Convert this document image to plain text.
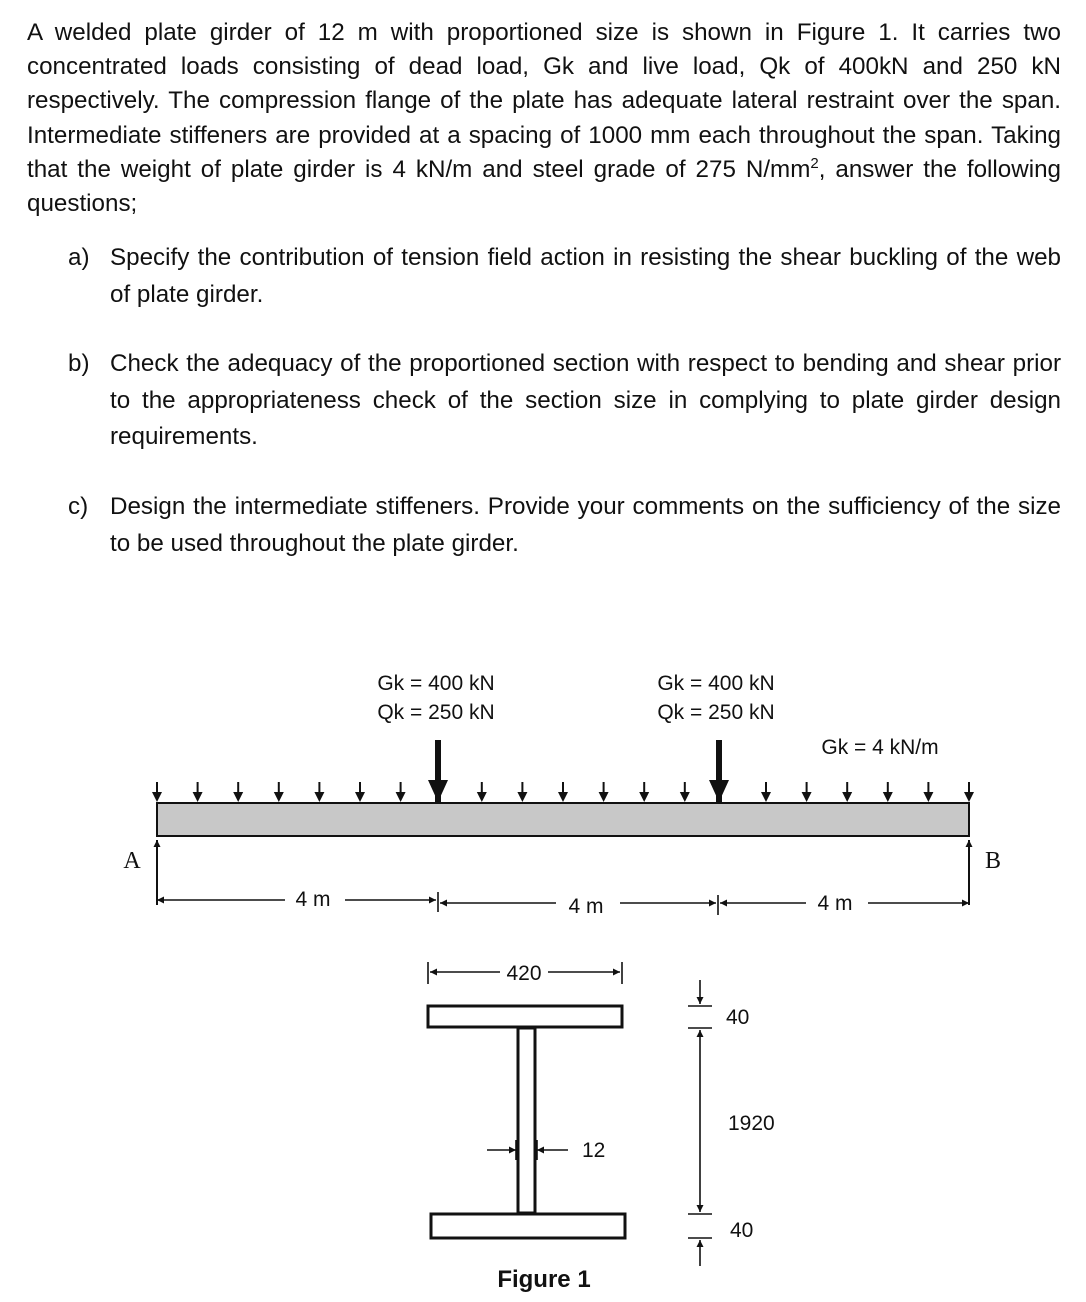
A welded plate girder of 12 m with proportioned size is shown in Figure 1. It carries two concentrated loads consisting of dead load, Gk and live load, Qk of 400kN and 250 kN respectively. The compression flange of the plate has adequate lateral restraint over the span. Intermediate stiffeners are provided at a spacing of 1000 mm each throughout the span. Taking that the weight of plate girder is 4 kN/m and steel grade of 275 $N/mm^2$, answer the following questions;

a) Specify the contribution of tension field action in resisting the shear buckling of the web of plate girder.
b) Check the adequacy of the proportioned section with respect to bending and shear prior to the appropriateness check of the section size in complying to plate girder design requirements.
c) Design the intermediate stiffeners. Provide your comments on the sufficiency of the size to be used throughout the plate girder.
Gk = 400 kN
Qk = 250 kN
Gk = 400 kN
Qk = 250 kN
Gk = 4 kN/m
A	B
4 m	4 m	4 m
420
12
40
1920
40
Figure 1
